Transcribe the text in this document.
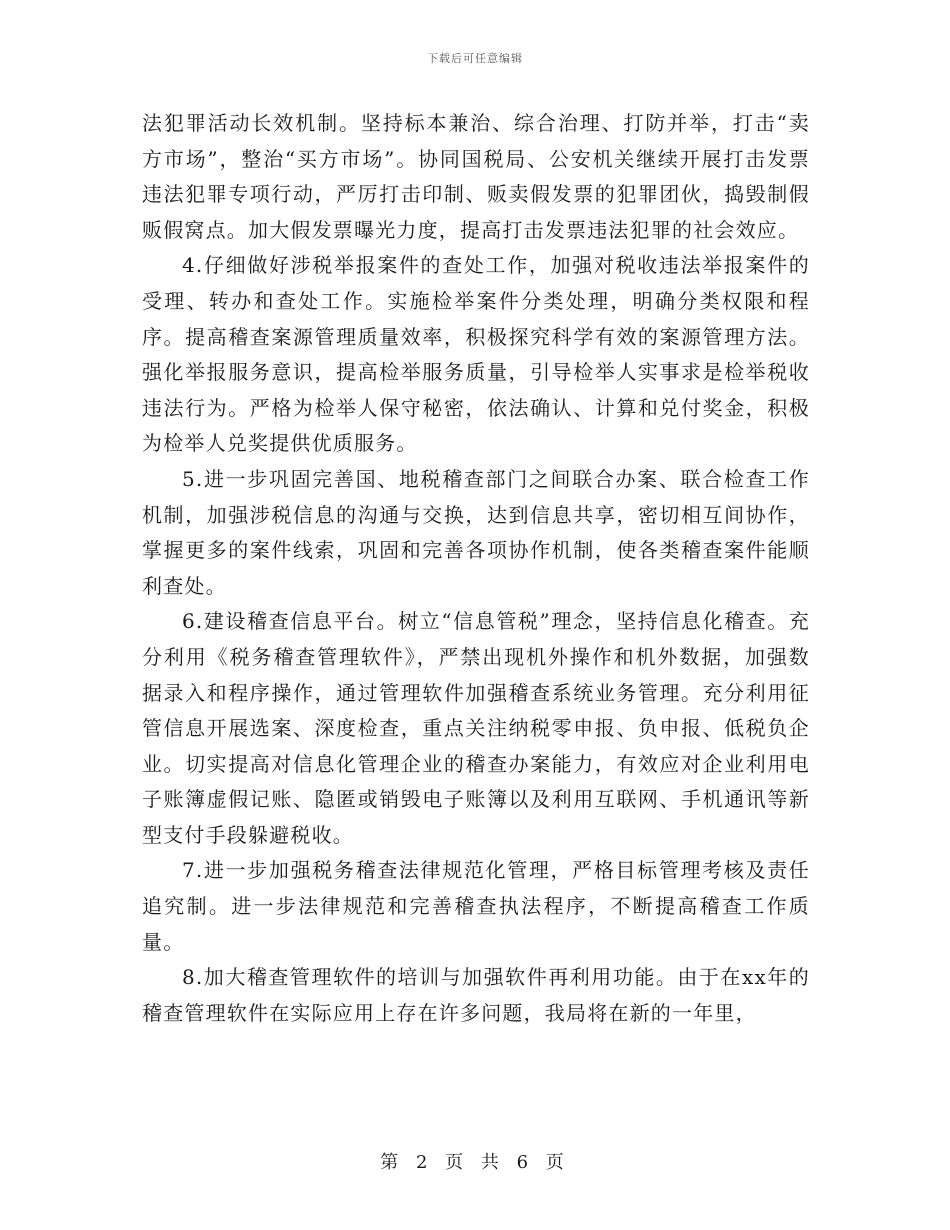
下载后可任意编辑

法犯罪活动长效机制。坚持标本兼治、综合治理、打防并举，打击“卖方市场”，整治“买方市场”。协同国税局、公安机关继续开展打击发票违法犯罪专项行动，严厉打击印制、贩卖假发票的犯罪团伙，捣毁制假贩假窝点。加大假发票曝光力度，提高打击发票违法犯罪的社会效应。

4.仔细做好涉税举报案件的查处工作，加强对税收违法举报案件的受理、转办和查处工作。实施检举案件分类处理，明确分类权限和程序。提高稽查案源管理质量效率，积极探究科学有效的案源管理方法。强化举报服务意识，提高检举服务质量，引导检举人实事求是检举税收违法行为。严格为检举人保守秘密，依法确认、计算和兑付奖金，积极为检举人兑奖提供优质服务。

5.进一步巩固完善国、地税稽查部门之间联合办案、联合检查工作机制，加强涉税信息的沟通与交换，达到信息共享，密切相互间协作，掌握更多的案件线索，巩固和完善各项协作机制，使各类稽查案件能顺利查处。

6.建设稽查信息平台。树立“信息管税”理念，坚持信息化稽查。充分利用《税务稽查管理软件》，严禁出现机外操作和机外数据，加强数据录入和程序操作，通过管理软件加强稽查系统业务管理。充分利用征管信息开展选案、深度检查，重点关注纳税零申报、负申报、低税负企业。切实提高对信息化管理企业的稽查办案能力，有效应对企业利用电子账簿虚假记账、隐匿或销毁电子账簿以及利用互联网、手机通讯等新型支付手段躲避税收。

7.进一步加强税务稽查法律规范化管理，严格目标管理考核及责任追究制。进一步法律规范和完善稽查执法程序，不断提高稽查工作质量。

8.加大稽查管理软件的培训与加强软件再利用功能。由于在xx年的稽查管理软件在实际应用上存在许多问题，我局将在新的一年里，

第 2 页 共 6 页
